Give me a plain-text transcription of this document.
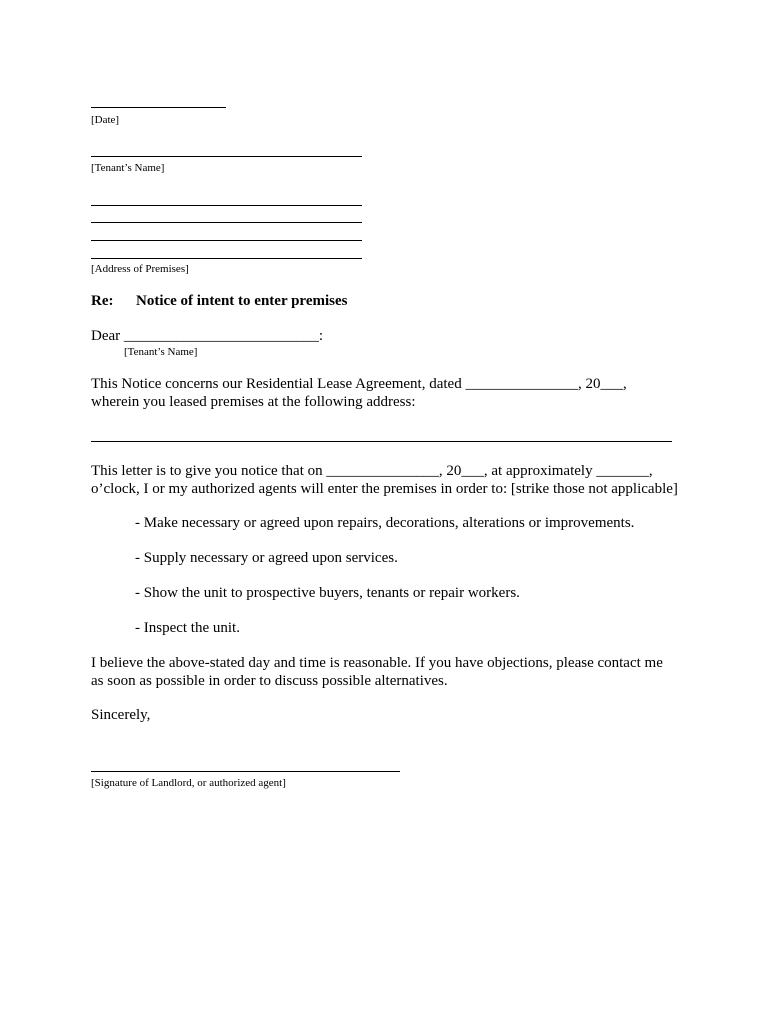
[Date]
[Tenant’s Name]
[Address of Premises]
Re: Notice of intent to enter premises
Dear __________________________:
[Tenant’s Name]
This Notice concerns our Residential Lease Agreement, dated _______________, 20___,
wherein you leased premises at the following address:
This letter is to give you notice that on _______________, 20___, at approximately _______,
o’clock, I or my authorized agents will enter the premises in order to: [strike those not applicable]
- Make necessary or agreed upon repairs, decorations, alterations or improvements.
- Supply necessary or agreed upon services.
- Show the unit to prospective buyers, tenants or repair workers.
- Inspect the unit.
I believe the above-stated day and time is reasonable. If you have objections, please contact me
as soon as possible in order to discuss possible alternatives.
Sincerely,
[Signature of Landlord, or authorized agent]
